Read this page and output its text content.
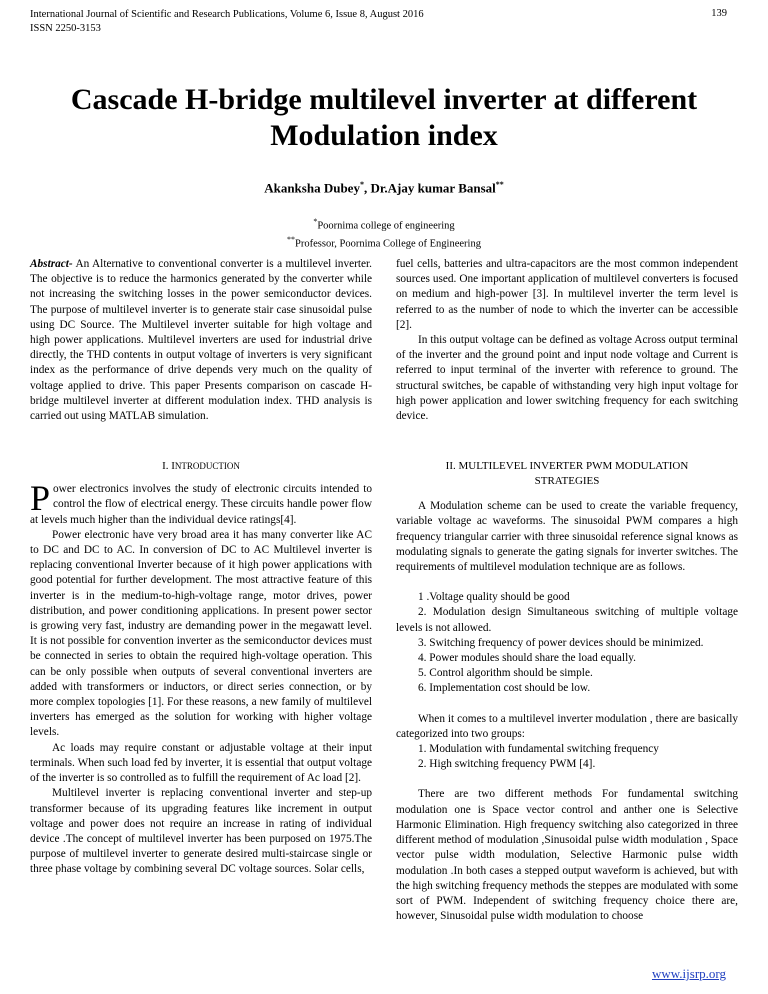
International Journal of Scientific and Research Publications, Volume 6, Issue 8, August 2016
ISSN 2250-3153
139
Cascade H-bridge multilevel inverter at different
Modulation index
Akanksha Dubey*, Dr.Ajay kumar Bansal**
*Poornima college of engineering
**Professor, Poornima College of Engineering

Abstract- An Alternative to conventional converter is a multilevel inverter. The objective is to reduce the harmonics generated by the converter while not increasing the switching losses in the power semiconductor devices. The purpose of multilevel inverter is to generate stair case sinusoidal pulse using DC Source. The Multilevel inverter suitable for high voltage and high power applications. Multilevel inverters are used for industrial drive directly, the THD contents in output voltage of inverters is very significant index as the performance of drive depends very much on the quality of voltage applied to drive. This paper Presents comparison on cascade H-bridge multilevel inverter at different modulation index. THD analysis is carried out using MATLAB simulation.

I. INTRODUCTION

Power electronics involves the study of electronic circuits intended to control the flow of electrical energy. These circuits handle power flow at levels much higher than the individual device ratings[4].

Power electronic have very broad area it has many converter like AC to DC and DC to AC. In conversion of DC to AC Multilevel inverter is replacing conventional Inverter because of it high power applications with good potential for further development. The most attractive feature of this inverter is in the medium-to-high-voltage range, motor drives, power distribution, and power conditioning applications. In present power sector is growing very fast, industry are demanding power in the megawatt level. It is not possible for convention inverter as the semiconductor devices must be connected in series to obtain the required high-voltage operation. This can be only possible when outputs of several conventional inverters are added with transformers or inductors, or direct series connection, or by more complex topologies [1]. For these reasons, a new family of multilevel inverters has emerged as the solution for working with higher voltage levels.

Ac loads may require constant or adjustable voltage at their input terminals. When such load fed by inverter, it is essential that output voltage of the inverter is so controlled as to fulfill the requirement of Ac load [2].

Multilevel inverter is replacing conventional inverter and step-up transformer because of its upgrading features like increment in output voltage and power does not require an increase in rating of individual device .The concept of multilevel inverter has been purposed on 1975.The purpose of multilevel inverter to generate desired multi-staircase single or three phase voltage by combining several DC voltage sources. Solar cells,

fuel cells, batteries and ultra-capacitors are the most common independent sources used. One important application of multilevel converters is focused on medium and high-power [3]. In multilevel inverter the term level is referred to as the number of node to which the inverter can be accessible [2].

In this output voltage can be defined as voltage Across output terminal of the inverter and the ground point and input node voltage and Current is referred to input terminal of the inverter with reference to ground. The structural switches, be capable of withstanding very high input voltage for high power application and lower switching frequency for each switching device.

II. MULTILEVEL INVERTER PWM MODULATION
STRATEGIES

A Modulation scheme can be used to create the variable frequency, variable voltage ac waveforms. The sinusoidal PWM compares a high frequency triangular carrier with three sinusoidal reference signal knows as modulating signals to generate the gating signals for inverter switches. The requirements of multilevel modulation technique are as follows.

1 .Voltage quality should be good

2. Modulation design Simultaneous switching of multiple voltage levels is not allowed.

3. Switching frequency of power devices should be minimized.

4. Power modules should share the load equally.

5. Control algorithm should be simple.

6. Implementation cost should be low.

When it comes to a multilevel inverter modulation , there are basically categorized into two groups:

1. Modulation with fundamental switching frequency

2. High switching frequency PWM [4].

There are two different methods For fundamental switching modulation one is Space vector control and anther one is Selective Harmonic Elimination. High frequency switching also categorized in three different method of modulation ,Sinusoidal pulse width modulation , Space vector pulse width modulation, Selective Harmonic pulse width modulation .In both cases a stepped output waveform is achieved, but with the high switching frequency methods the steppes are modulated with some sort of PWM. Independent of switching frequency choice there are, however, Sinusoidal pulse width modulation to choose

www.ijsrp.org
